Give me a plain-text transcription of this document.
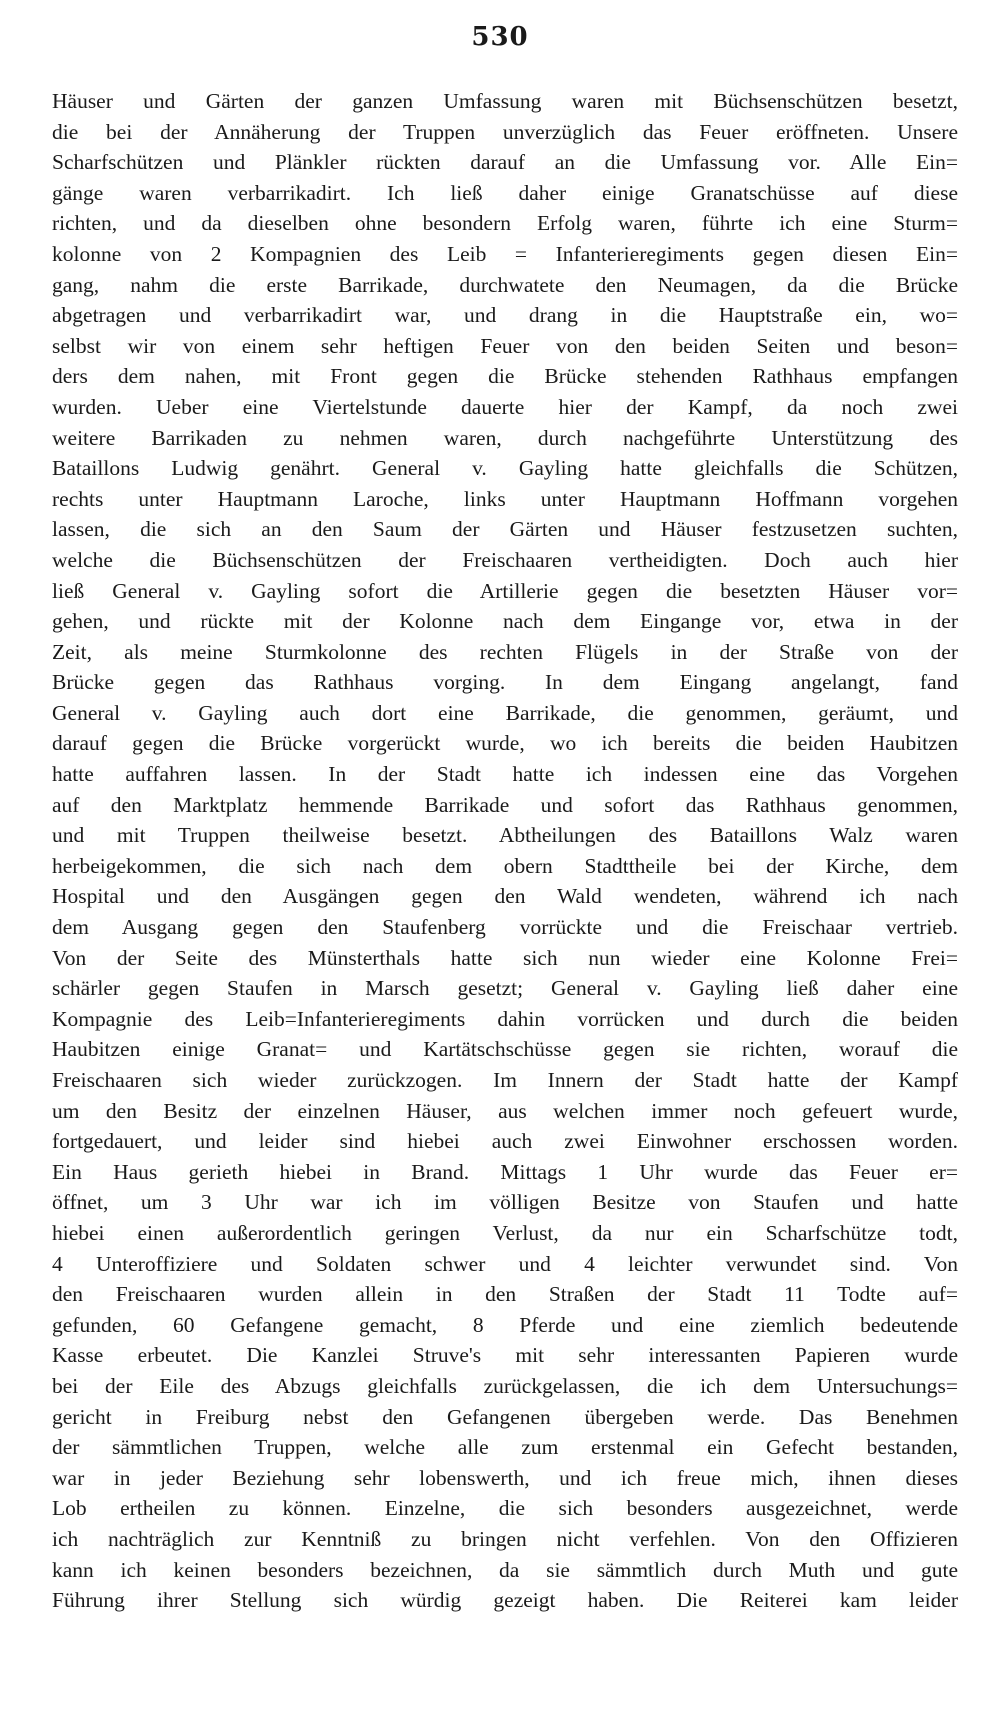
530
Häuser und Gärten der ganzen Umfassung waren mit Büchsenschützen besetzt,
die bei der Annäherung der Truppen unverzüglich das Feuer eröffneten. Unsere
Scharfschützen und Plänkler rückten darauf an die Umfassung vor. Alle Ein=
gänge waren verbarrikadirt. Ich ließ daher einige Granatschüsse auf diese
richten, und da dieselben ohne besondern Erfolg waren, führte ich eine Sturm=
kolonne von 2 Kompagnien des Leib = Infanterieregiments gegen diesen Ein=
gang, nahm die erste Barrikade, durchwatete den Neumagen, da die Brücke
abgetragen und verbarrikadirt war, und drang in die Hauptstraße ein, wo=
selbst wir von einem sehr heftigen Feuer von den beiden Seiten und beson=
ders dem nahen, mit Front gegen die Brücke stehenden Rathhaus empfangen
wurden. Ueber eine Viertelstunde dauerte hier der Kampf, da noch zwei
weitere Barrikaden zu nehmen waren, durch nachgeführte Unterstützung des
Bataillons Ludwig genährt. General v. Gayling hatte gleichfalls die Schützen,
rechts unter Hauptmann Laroche, links unter Hauptmann Hoffmann vorgehen
lassen, die sich an den Saum der Gärten und Häuser festzusetzen suchten,
welche die Büchsenschützen der Freischaaren vertheidigten. Doch auch hier
ließ General v. Gayling sofort die Artillerie gegen die besetzten Häuser vor=
gehen, und rückte mit der Kolonne nach dem Eingange vor, etwa in der
Zeit, als meine Sturmkolonne des rechten Flügels in der Straße von der
Brücke gegen das Rathhaus vorging. In dem Eingang angelangt, fand
General v. Gayling auch dort eine Barrikade, die genommen, geräumt, und
darauf gegen die Brücke vorgerückt wurde, wo ich bereits die beiden Haubitzen
hatte auffahren lassen. In der Stadt hatte ich indessen eine das Vorgehen
auf den Marktplatz hemmende Barrikade und sofort das Rathhaus genommen,
und mit Truppen theilweise besetzt. Abtheilungen des Bataillons Walz waren
herbeigekommen, die sich nach dem obern Stadttheile bei der Kirche, dem
Hospital und den Ausgängen gegen den Wald wendeten, während ich nach
dem Ausgang gegen den Staufenberg vorrückte und die Freischaar vertrieb.
Von der Seite des Münsterthals hatte sich nun wieder eine Kolonne Frei=
schärler gegen Staufen in Marsch gesetzt; General v. Gayling ließ daher eine
Kompagnie des Leib=Infanterieregiments dahin vorrücken und durch die beiden
Haubitzen einige Granat= und Kartätschschüsse gegen sie richten, worauf die
Freischaaren sich wieder zurückzogen. Im Innern der Stadt hatte der Kampf
um den Besitz der einzelnen Häuser, aus welchen immer noch gefeuert wurde,
fortgedauert, und leider sind hiebei auch zwei Einwohner erschossen worden.
Ein Haus gerieth hiebei in Brand. Mittags 1 Uhr wurde das Feuer er=
öffnet, um 3 Uhr war ich im völligen Besitze von Staufen und hatte
hiebei einen außerordentlich geringen Verlust, da nur ein Scharfschütze todt,
4 Unteroffiziere und Soldaten schwer und 4 leichter verwundet sind. Von
den Freischaaren wurden allein in den Straßen der Stadt 11 Todte auf=
gefunden, 60 Gefangene gemacht, 8 Pferde und eine ziemlich bedeutende
Kasse erbeutet. Die Kanzlei Struve's mit sehr interessanten Papieren wurde
bei der Eile des Abzugs gleichfalls zurückgelassen, die ich dem Untersuchungs=
gericht in Freiburg nebst den Gefangenen übergeben werde. Das Benehmen
der sämmtlichen Truppen, welche alle zum erstenmal ein Gefecht bestanden,
war in jeder Beziehung sehr lobenswerth, und ich freue mich, ihnen dieses
Lob ertheilen zu können. Einzelne, die sich besonders ausgezeichnet, werde
ich nachträglich zur Kenntniß zu bringen nicht verfehlen. Von den Offizieren
kann ich keinen besonders bezeichnen, da sie sämmtlich durch Muth und gute
Führung ihrer Stellung sich würdig gezeigt haben. Die Reiterei kam leider
